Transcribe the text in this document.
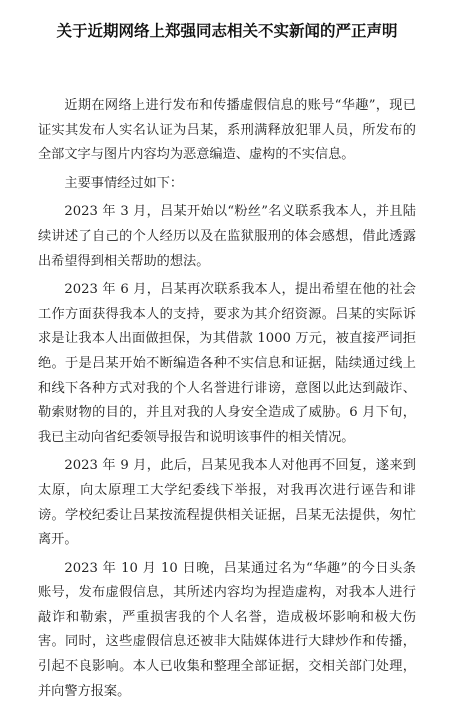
关于近期网络上郑强同志相关不实新闻的严正声明

近期在网络上进行发布和传播虚假信息的账号“华趣”，现已证实其发布人实名认证为吕某，系刑满释放犯罪人员，所发布的全部文字与图片内容均为恶意编造、虚构的不实信息。

主要事情经过如下：

2023 年 3 月，吕某开始以“粉丝”名义联系我本人，并且陆续讲述了自己的个人经历以及在监狱服刑的体会感想，借此透露出希望得到相关帮助的想法。

2023 年 6 月，吕某再次联系我本人，提出希望在他的社会工作方面获得我本人的支持，要求为其介绍资源。吕某的实际诉求是让我本人出面做担保，为其借款 1000 万元，被直接严词拒绝。于是吕某开始不断编造各种不实信息和证据，陆续通过线上和线下各种方式对我的个人名誉进行诽谤，意图以此达到敲诈、勒索财物的目的，并且对我的人身安全造成了威胁。6 月下旬，我已主动向省纪委领导报告和说明该事件的相关情况。

2023 年 9 月，此后，吕某见我本人对他再不回复，遂来到太原，向太原理工大学纪委线下举报，对我再次进行诬告和诽谤。学校纪委让吕某按流程提供相关证据，吕某无法提供，匆忙离开。

2023 年 10 月 10 日晚，吕某通过名为“华趣”的今日头条账号，发布虚假信息，其所述内容均为捏造虚构，对我本人进行敲诈和勒索，严重损害我的个人名誉，造成极坏影响和极大伤害。同时，这些虚假信息还被非大陆媒体进行大肆炒作和传播，引起不良影响。本人已收集和整理全部证据，交相关部门处理，并向警方报案。
